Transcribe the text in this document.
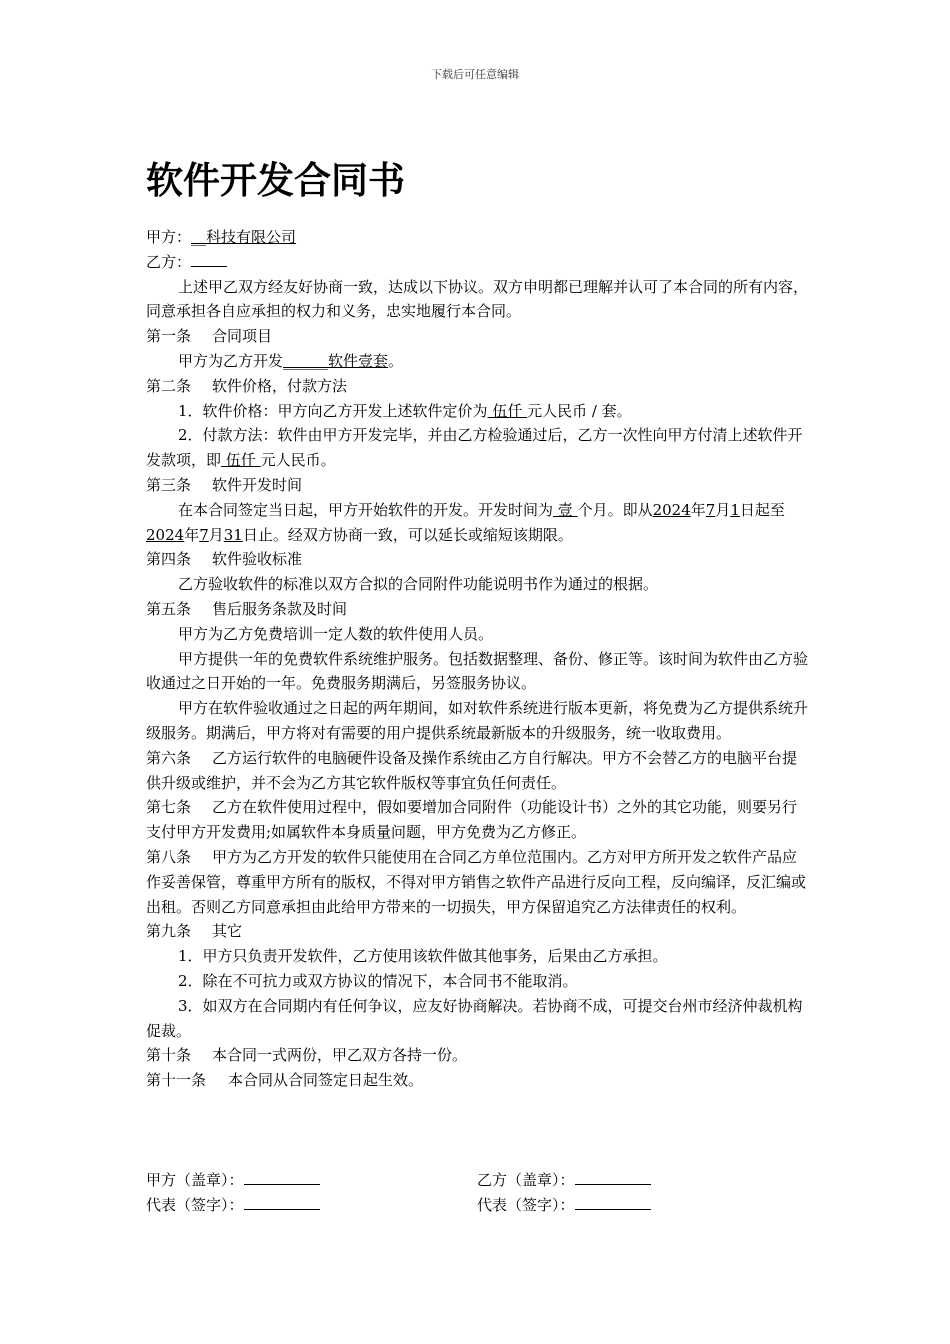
下载后可任意编辑
软件开发合同书

甲方：__科技有限公司

乙方：

上述甲乙双方经友好协商一致，达成以下协议。双方申明都已理解并认可了本合同的所有内容，同意承担各自应承担的权力和义务，忠实地履行本合同。

第一条 合同项目

甲方为乙方开发______软件壹套。

第二条 软件价格，付款方法

1．软件价格：甲方向乙方开发上述软件定价为 伍仟 元人民币 / 套。

2．付款方法：软件由甲方开发完毕，并由乙方检验通过后，乙方一次性向甲方付清上述软件开发款项，即 伍仟 元人民币。

第三条 软件开发时间

在本合同签定当日起，甲方开始软件的开发。开发时间为 壹 个月。即从2024年7月1日起至2024年7月31日止。经双方协商一致，可以延长或缩短该期限。

第四条 软件验收标准

乙方验收软件的标准以双方合拟的合同附件功能说明书作为通过的根据。

第五条 售后服务条款及时间

甲方为乙方免费培训一定人数的软件使用人员。

甲方提供一年的免费软件系统维护服务。包括数据整理、备份、修正等。该时间为软件由乙方验收通过之日开始的一年。免费服务期满后，另签服务协议。

甲方在软件验收通过之日起的两年期间，如对软件系统进行版本更新，将免费为乙方提供系统升级服务。期满后，甲方将对有需要的用户提供系统最新版本的升级服务，统一收取费用。

第六条 乙方运行软件的电脑硬件设备及操作系统由乙方自行解决。甲方不会替乙方的电脑平台提供升级或维护，并不会为乙方其它软件版权等事宜负任何责任。

第七条 乙方在软件使用过程中，假如要增加合同附件（功能设计书）之外的其它功能，则要另行支付甲方开发费用;如属软件本身质量问题，甲方免费为乙方修正。

第八条 甲方为乙方开发的软件只能使用在合同乙方单位范围内。乙方对甲方所开发之软件产品应作妥善保管，尊重甲方所有的版权，不得对甲方销售之软件产品进行反向工程，反向编译，反汇编或出租。否则乙方同意承担由此给甲方带来的一切损失，甲方保留追究乙方法律责任的权利。

第九条 其它

1．甲方只负责开发软件，乙方使用该软件做其他事务，后果由乙方承担。

2．除在不可抗力或双方协议的情况下，本合同书不能取消。

3．如双方在合同期内有任何争议，应友好协商解决。若协商不成，可提交台州市经济仲裁机构促裁。

第十条 本合同一式两份，甲乙双方各持一份。

第十一条 本合同从合同签定日起生效。

甲方（盖章）：	乙方（盖章）：
代表（签字）：	代表（签字）：
